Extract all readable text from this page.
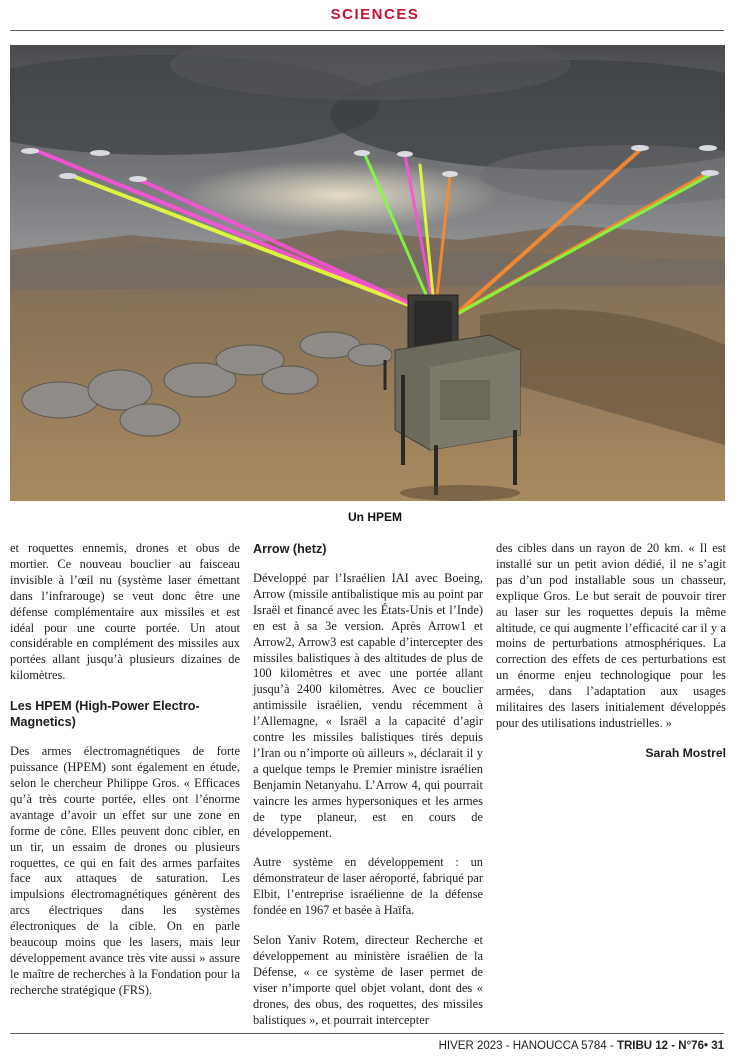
SCIENCES
Un HPEM

et roquettes ennemis, drones et obus de mortier. Ce nouveau bouclier au faisceau invisible à l’œil nu (système laser émettant dans l’infrarouge) se veut donc être une défense complémentaire aux missiles et est idéal pour une courte portée. Un atout considérable en complément des missiles aux portées allant jusqu’à plusieurs dizaines de kilomètres.

Les HPEM (High-Power Electro-Magnetics)

Des armes électromagnétiques de forte puissance (HPEM) sont également en étude, selon le chercheur Philippe Gros. « Efficaces qu’à très courte portée, elles ont l’énorme avantage d’avoir un effet sur une zone en forme de cône. Elles peuvent donc cibler, en un tir, un essaim de drones ou plusieurs roquettes, ce qui en fait des armes parfaites face aux attaques de saturation. Les impulsions électromagnétiques génèrent des arcs électriques dans les systèmes électroniques de la cible. On en parle beaucoup moins que les lasers, mais leur développement avance très vite aussi » assure le maître de recherches à la Fondation pour la recherche stratégique (FRS).

Arrow (hetz)

Développé par l’Israélien IAI avec Boeing, Arrow (missile antibalistique mis au point par Israël et financé avec les États-Unis et l’Inde) en est à sa 3e version. Après Arrow1 et Arrow2, Arrow3 est capable d’intercepter des missiles balistiques à des altitudes de plus de 100 kilomètres et avec une portée allant jusqu’à 2400 kilomètres. Avec ce bouclier antimissile israélien, vendu récemment à l’Allemagne, « Israël a la capacité d’agir contre les missiles balistiques tirés depuis l’Iran ou n’importe où ailleurs », déclarait il y a quelque temps le Premier ministre israélien Benjamin Netanyahu. L’Arrow 4, qui pourrait vaincre les armes hypersoniques et les armes de type planeur, est en cours de développement.

Autre système en développement : un démonstrateur de laser aéroporté, fabriqué par Elbit, l’entreprise israélienne de la défense fondée en 1967 et basée à Haïfa.

Selon Yaniv Rotem, directeur Recherche et développement au ministère israélien de la Défense, « ce système de laser permet de viser n’importe quel objet volant, dont des « drones, des obus, des roquettes, des missiles balistiques », et pourrait intercepter

des cibles dans un rayon de 20 km. « Il est installé sur un petit avion dédié, il ne s’agit pas d’un pod installable sous un chasseur, explique Gros. Le but serait de pouvoir tirer au laser sur les roquettes depuis la même altitude, ce qui augmente l’efficacité car il y a moins de perturbations atmosphériques. La correction des effets de ces perturbations est un énorme enjeu technologique pour les armées, dans l’adaptation aux usages militaires des lasers initialement développés pour des utilisations industrielles. »

Sarah Mostrel
HIVER 2023 - HANOUCCA 5784 - TRIBU 12 - N°76• 31
